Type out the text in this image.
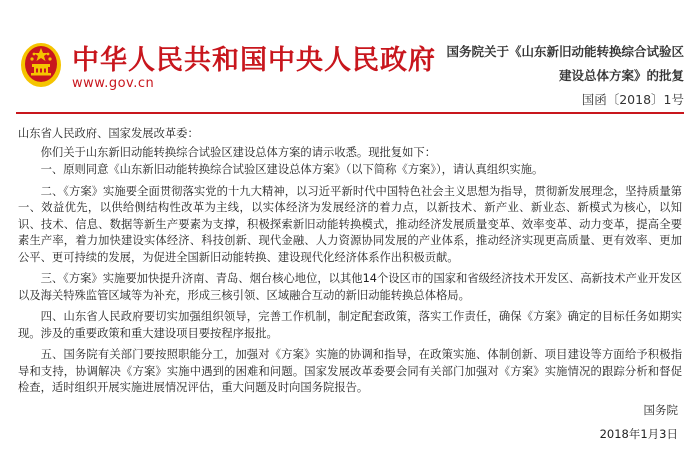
中华人民共和国中央人民政府
www.gov.cn
国务院关于《山东新旧动能转换综合试验区
建设总体方案》的批复
国函〔2018〕1号

山东省人民政府、国家发展改革委：

你们关于山东新旧动能转换综合试验区建设总体方案的请示收悉。现批复如下：

一、原则同意《山东新旧动能转换综合试验区建设总体方案》（以下简称《方案》），请认真组织实施。

二、《方案》实施要全面贯彻落实党的十九大精神，以习近平新时代中国特色社会主义思想为指导，贯彻新发展理念，坚持质量第一、效益优先，以供给侧结构性改革为主线，以实体经济为发展经济的着力点，以新技术、新产业、新业态、新模式为核心，以知识、技术、信息、数据等新生产要素为支撑，积极探索新旧动能转换模式，推动经济发展质量变革、效率变革、动力变革，提高全要素生产率，着力加快建设实体经济、科技创新、现代金融、人力资源协同发展的产业体系，推动经济实现更高质量、更有效率、更加公平、更可持续的发展，为促进全国新旧动能转换、建设现代化经济体系作出积极贡献。

三、《方案》实施要加快提升济南、青岛、烟台核心地位，以其他14个设区市的国家和省级经济技术开发区、高新技术产业开发区以及海关特殊监管区域等为补充，形成三核引领、区域融合互动的新旧动能转换总体格局。

四、山东省人民政府要切实加强组织领导，完善工作机制，制定配套政策，落实工作责任，确保《方案》确定的目标任务如期实现。涉及的重要政策和重大建设项目要按程序报批。

五、国务院有关部门要按照职能分工，加强对《方案》实施的协调和指导，在政策实施、体制创新、项目建设等方面给予积极指导和支持，协调解决《方案》实施中遇到的困难和问题。国家发展改革委要会同有关部门加强对《方案》实施情况的跟踪分析和督促检查，适时组织开展实施进展情况评估，重大问题及时向国务院报告。

国务院
2018年1月3日
